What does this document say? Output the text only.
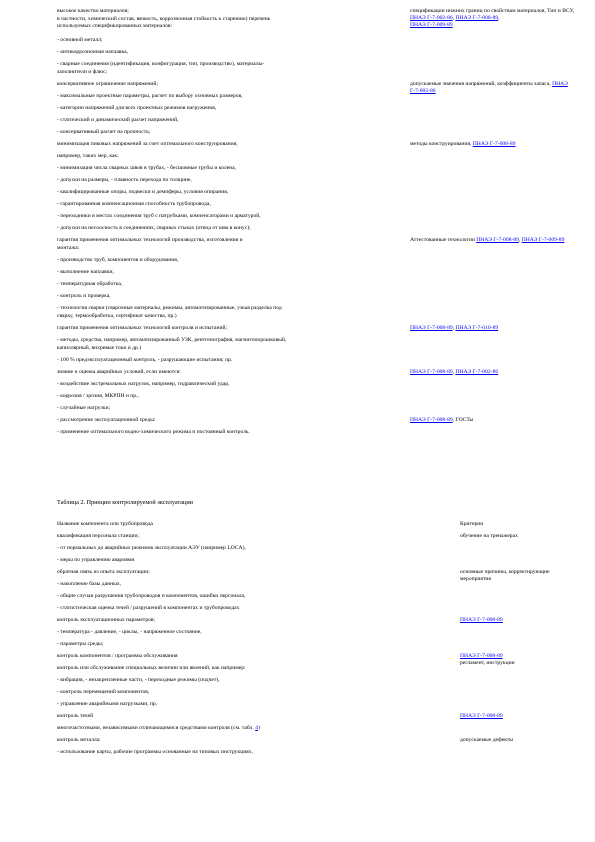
высокое качество материалов;
в частности, химический состав, вязкость, коррозионная стойкость к старению) перечень
используемых спецификированных материалов:
- основной металл;
- антикоррозионная наплавка,
- сварные соединения (идентификация, конфигурация, тип, производство), материалы-
заполнители и флюс;
консервативное ограничение напряжений;
- максимальные проектные параметры, расчет по выбору основных размеров,
- категории напряжений для всех проектных режимов нагружения,
- статический и динамический расчет напряжений,
- консервативный расчет на прочность;
минимизация пиковых напряжений за счет оптимального конструирования,
например, таких мер, как:
- минимизация числа сварных швов в трубах, - бесшовные трубы и колена,
- допуски на размеры, - плавность перехода по толщине,
- квалифицированные опоры, подвески и демпферы, условия опирания,
- гарантированная компенсационная способность трубопровода,
- переходники в местах соединения труб с патрубками, компенсаторами и арматурой,
- допуски на несоосность в соединениях, сварных стыках (отвод от шва в конус);
гарантия применения оптимальных технологий производства, изготовления и
монтажа:
- производство труб, компонентов и оборудования,
- выполнение наплавки,
- температурная обработка,
- контроль и проверка,
- технология сварки (сварочные материалы, режимы, автоматизированные, узкая разделка под
сварку, термообработка, сертификат качества, пр.)
гарантия применения оптимальных технологий контроля и испытаний;
- методы, средства, например, автоматизированный УЗК, рентгенография, магнитопорошковый,
капиллярный, вихревые токи и др.)
- 100 % предэксплуатационный контроль, - разрушающие испытания; пр.
знание и оценка аварийных условий, если имеются:
- воздействие экстремальных нагрузок, например, гидравлический удар,
- коррозия / эрозия, МКРПН и пр.,
- случайные нагрузки;
- рассмотрение эксплуатационной среды:
- применение оптимального водно-химического режима и постоянный контроль.
спецификации нижних границ по свойствам материалов, Тип и ВСУ, ПНАЭ Г-7-002-86, ПНАЭ Г-7-008-89,
ПНАЭ Г-7-009-89
допускаемые значения напряжений, коэффициенты запаса, ПНАЭ Г-7-002-86
методы конструирования, ПНАЭ Г-7-008-89
Аттестованные технологии ПНАЭ Г-7-008-89, ПНАЭ Г-7-009-89
ПНАЭ Г-7-008-89, ПНАЭ Г-7-010-89
ПНАЭ Г-7-008-89, ПНАЭ Г-7-002-86
ПНАЭ Г-7-008-89, ГОСТы
Таблица 2. Принцип контролируемой эксплуатации
Название компонента или трубопровода	Критерии
квалификация персонала станции;
- от нормальных до аварийных режимов эксплуатации АЭУ (например LOCA),
- меры по управлению авариями
обратная связь из опыта эксплуатации;
- накопление базы данных,
- общие случаи разрушения трубопроводов и компонентов, ошибки персонала,
- статистическая оценка течей / разрушений в компонентах и трубопроводах
контроль эксплуатационных параметров;
- температура - давление, - циклы, - напряженное состояние,
- параметры среды;
контроль компонентов / программы обслуживания
контроль или обслуживание специальных величин или явлений, как например:
- вибрация, - незакрепленные части, - переходные режимы (подчет),
- контроль перемещений компонентов,
- управление аварийными нагрузками, пр.
контроль течей
многочастотными, независимыми отличающимися средствами контроля (см. табл. 4)
контроль металла:
- использование карты, рабочие программы основанные на типовых инструкциях,
обучение на тренажерах
основные причины, корректирующие мероприятия
ПНАЭ Г-7-008-89
ПНАЭ Г-7-008-89
регламент, инструкции
ПНАЭ Г-7-008-89
допускаемые дефекты
